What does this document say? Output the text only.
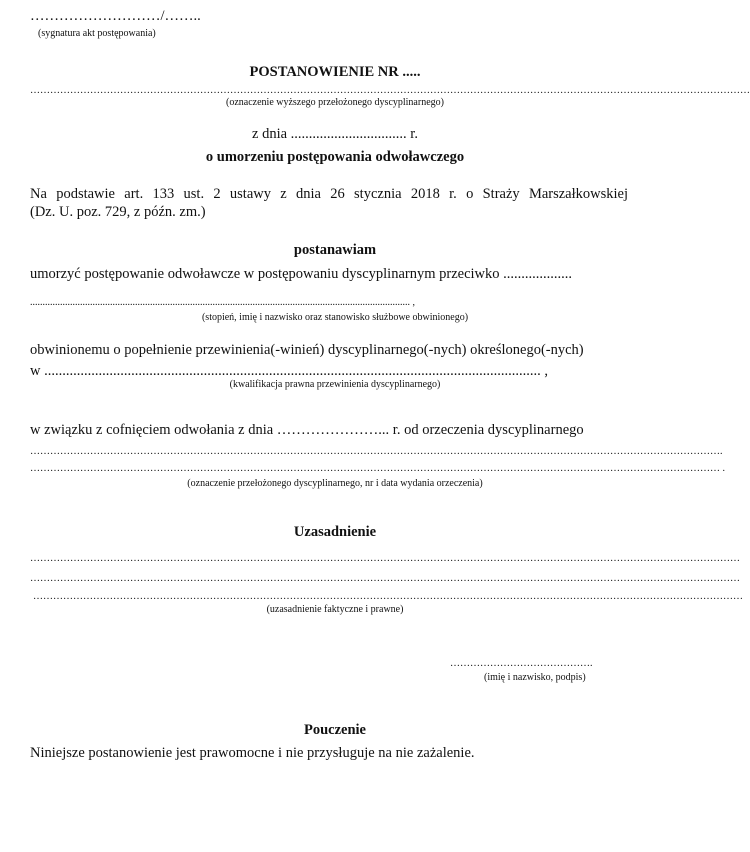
………………………/……..
(sygnatura akt postępowania)
POSTANOWIENIE NR .....
………………………………………………………………………………………………………………………………………………………………………………………………
(oznaczenie wyższego przełożonego dyscyplinarnego)
z dnia ................................ r.
o umorzeniu postępowania odwoławczego
Na podstawie art. 133 ust. 2 ustawy z dnia 26 stycznia 2018 r. o Straży Marszałkowskiej
(Dz. U. poz. 729, z późn. zm.)
postanawiam
umorzyć postępowanie odwoławcze w postępowaniu dyscyplinarnym przeciwko ...................
........................................................................................................................................................ ,
(stopień, imię i nazwisko oraz stanowisko służbowe obwinionego)
obwinionemu o popełnienie przewinienia(-winień) dyscyplinarnego(-nych) określonego(-nych)
w ......................................................................................................................................... ,
(kwalifikacja prawna przewinienia dyscyplinarnego)
w związku z cofnięciem odwołania z dnia …………………... r. od orzeczenia dyscyplinarnego
……………………………………………………………………………………………………………………………………………………………………………………….
……………………………………………………………………………………………………………………………………………………………………………………… .
(oznaczenie przełożonego dyscyplinarnego, nr i data wydania orzeczenia)
Uzasadnienie
……………………………………………………………………………………………………………………………………………………………………………………………
……………………………………………………………………………………………………………………………………………………………………………………………
……………………………………………………………………………………………………………………………………………………………………………………………
(uzasadnienie faktyczne i prawne)
…………………………………….
(imię i nazwisko, podpis)
Pouczenie
Niniejsze postanowienie jest prawomocne i nie przysługuje na nie zażalenie.
